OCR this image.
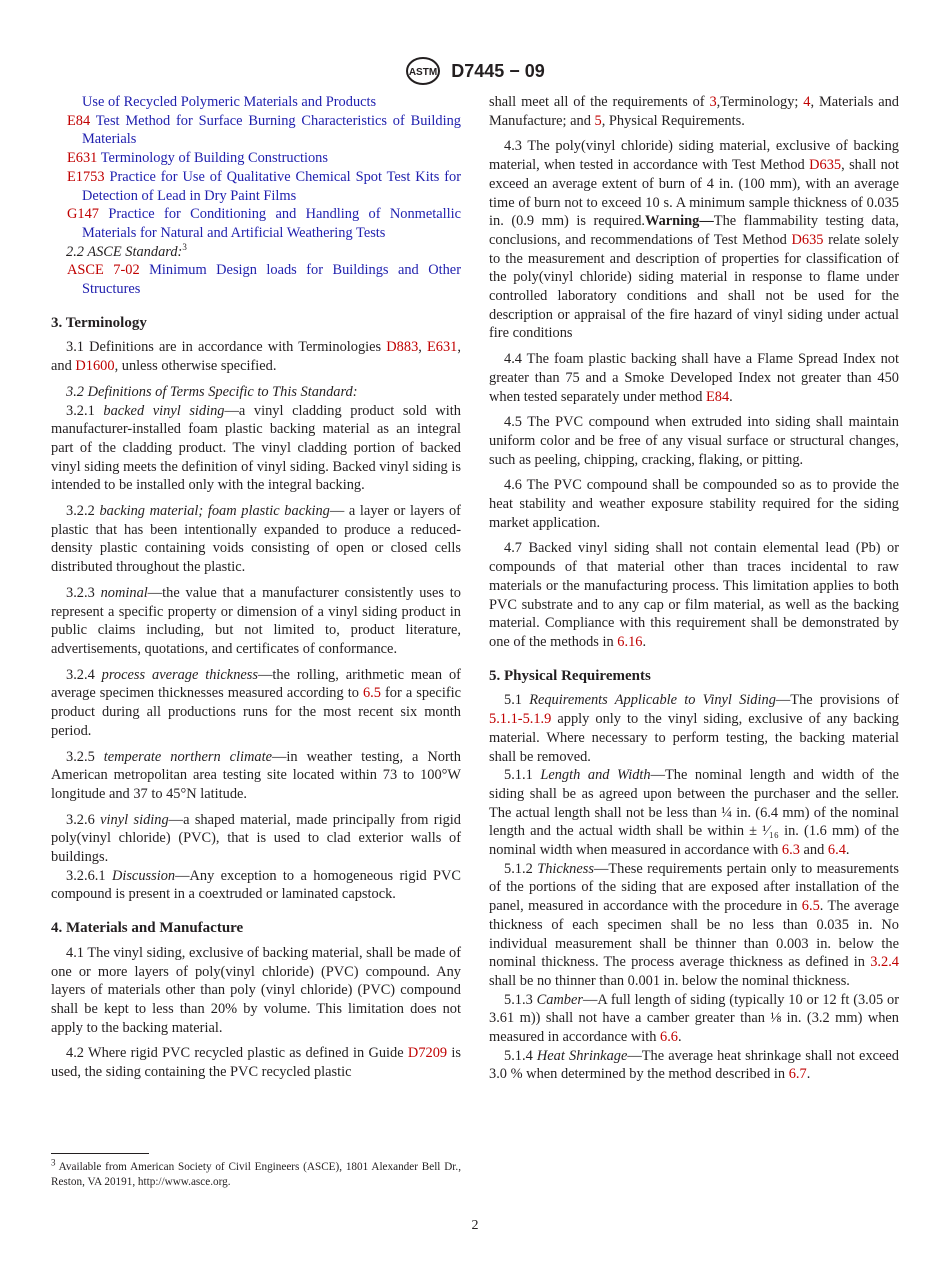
ASTM D7445 − 09

Use of Recycled Polymeric Materials and Products

E84 Test Method for Surface Burning Characteristics of Building Materials

E631 Terminology of Building Constructions

E1753 Practice for Use of Qualitative Chemical Spot Test Kits for Detection of Lead in Dry Paint Films

G147 Practice for Conditioning and Handling of Nonmetallic Materials for Natural and Artificial Weathering Tests

2.2 ASCE Standard:$^3$

ASCE 7-02 Minimum Design loads for Buildings and Other Structures

3. Terminology

3.1 Definitions are in accordance with Terminologies D883, E631, and D1600, unless otherwise specified.

3.2 Definitions of Terms Specific to This Standard:

3.2.1 backed vinyl siding—a vinyl cladding product sold with manufacturer-installed foam plastic backing material as an integral part of the cladding product. The vinyl cladding portion of backed vinyl siding meets the definition of vinyl siding. Backed vinyl siding is intended to be installed only with the integral backing.

3.2.2 backing material; foam plastic backing— a layer or layers of plastic that has been intentionally expanded to produce a reduced-density plastic containing voids consisting of open or closed cells distributed throughout the plastic.

3.2.3 nominal—the value that a manufacturer consistently uses to represent a specific property or dimension of a vinyl siding product in public claims including, but not limited to, product literature, advertisements, quotations, and certificates of conformance.

3.2.4 process average thickness—the rolling, arithmetic mean of average specimen thicknesses measured according to 6.5 for a specific product during all productions runs for the most recent six month period.

3.2.5 temperate northern climate—in weather testing, a North American metropolitan area testing site located within 73 to 100°W longitude and 37 to 45°N latitude.

3.2.6 vinyl siding—a shaped material, made principally from rigid poly(vinyl chloride) (PVC), that is used to clad exterior walls of buildings.

3.2.6.1 Discussion—Any exception to a homogeneous rigid PVC compound is present in a coextruded or laminated capstock.

4. Materials and Manufacture

4.1 The vinyl siding, exclusive of backing material, shall be made of one or more layers of poly(vinyl chloride) (PVC) compound. Any layers of materials other than poly (vinyl chloride) (PVC) compound shall be kept to less than 20% by volume. This limitation does not apply to the backing material.

4.2 Where rigid PVC recycled plastic as defined in Guide D7209 is used, the siding containing the PVC recycled plastic

$^3$ Available from American Society of Civil Engineers (ASCE), 1801 Alexander Bell Dr., Reston, VA 20191, http://www.asce.org.

shall meet all of the requirements of 3,Terminology; 4, Materials and Manufacture; and 5, Physical Requirements.

4.3 The poly(vinyl chloride) siding material, exclusive of backing material, when tested in accordance with Test Method D635, shall not exceed an average extent of burn of 4 in. (100 mm), with an average time of burn not to exceed 10 s. A minimum sample thickness of 0.035 in. (0.9 mm) is required.Warning—The flammability testing data, conclusions, and recommendations of Test Method D635 relate solely to the measurement and description of properties for classification of the poly(vinyl chloride) siding material in response to flame under controlled laboratory conditions and shall not be used for the description or appraisal of the fire hazard of vinyl siding under actual fire conditions

4.4 The foam plastic backing shall have a Flame Spread Index not greater than 75 and a Smoke Developed Index not greater than 450 when tested separately under method E84.

4.5 The PVC compound when extruded into siding shall maintain uniform color and be free of any visual surface or structural changes, such as peeling, chipping, cracking, flaking, or pitting.

4.6 The PVC compound shall be compounded so as to provide the heat stability and weather exposure stability required for the siding market application.

4.7 Backed vinyl siding shall not contain elemental lead (Pb) or compounds of that material other than traces incidental to raw materials or the manufacturing process. This limitation applies to both PVC substrate and to any cap or film material, as well as the backing material. Compliance with this requirement shall be demonstrated by one of the methods in 6.16.

5. Physical Requirements

5.1 Requirements Applicable to Vinyl Siding—The provisions of 5.1.1-5.1.9 apply only to the vinyl siding, exclusive of any backing material. Where necessary to perform testing, the backing material shall be removed.

5.1.1 Length and Width—The nominal length and width of the siding shall be as agreed upon between the purchaser and the seller. The actual length shall not be less than ¼ in. (6.4 mm) of the nominal length and the actual width shall be within ± ¹⁄₁₆ in. (1.6 mm) of the nominal width when measured in accordance with 6.3 and 6.4.

5.1.2 Thickness—These requirements pertain only to measurements of the portions of the siding that are exposed after installation of the panel, measured in accordance with the procedure in 6.5. The average thickness of each specimen shall be no less than 0.035 in. No individual measurement shall be thinner than 0.003 in. below the nominal thickness. The process average thickness as defined in 3.2.4 shall be no thinner than 0.001 in. below the nominal thickness.

5.1.3 Camber—A full length of siding (typically 10 or 12 ft (3.05 or 3.61 m)) shall not have a camber greater than ⅛ in. (3.2 mm) when measured in accordance with 6.6.

5.1.4 Heat Shrinkage—The average heat shrinkage shall not exceed 3.0 % when determined by the method described in 6.7.

2
